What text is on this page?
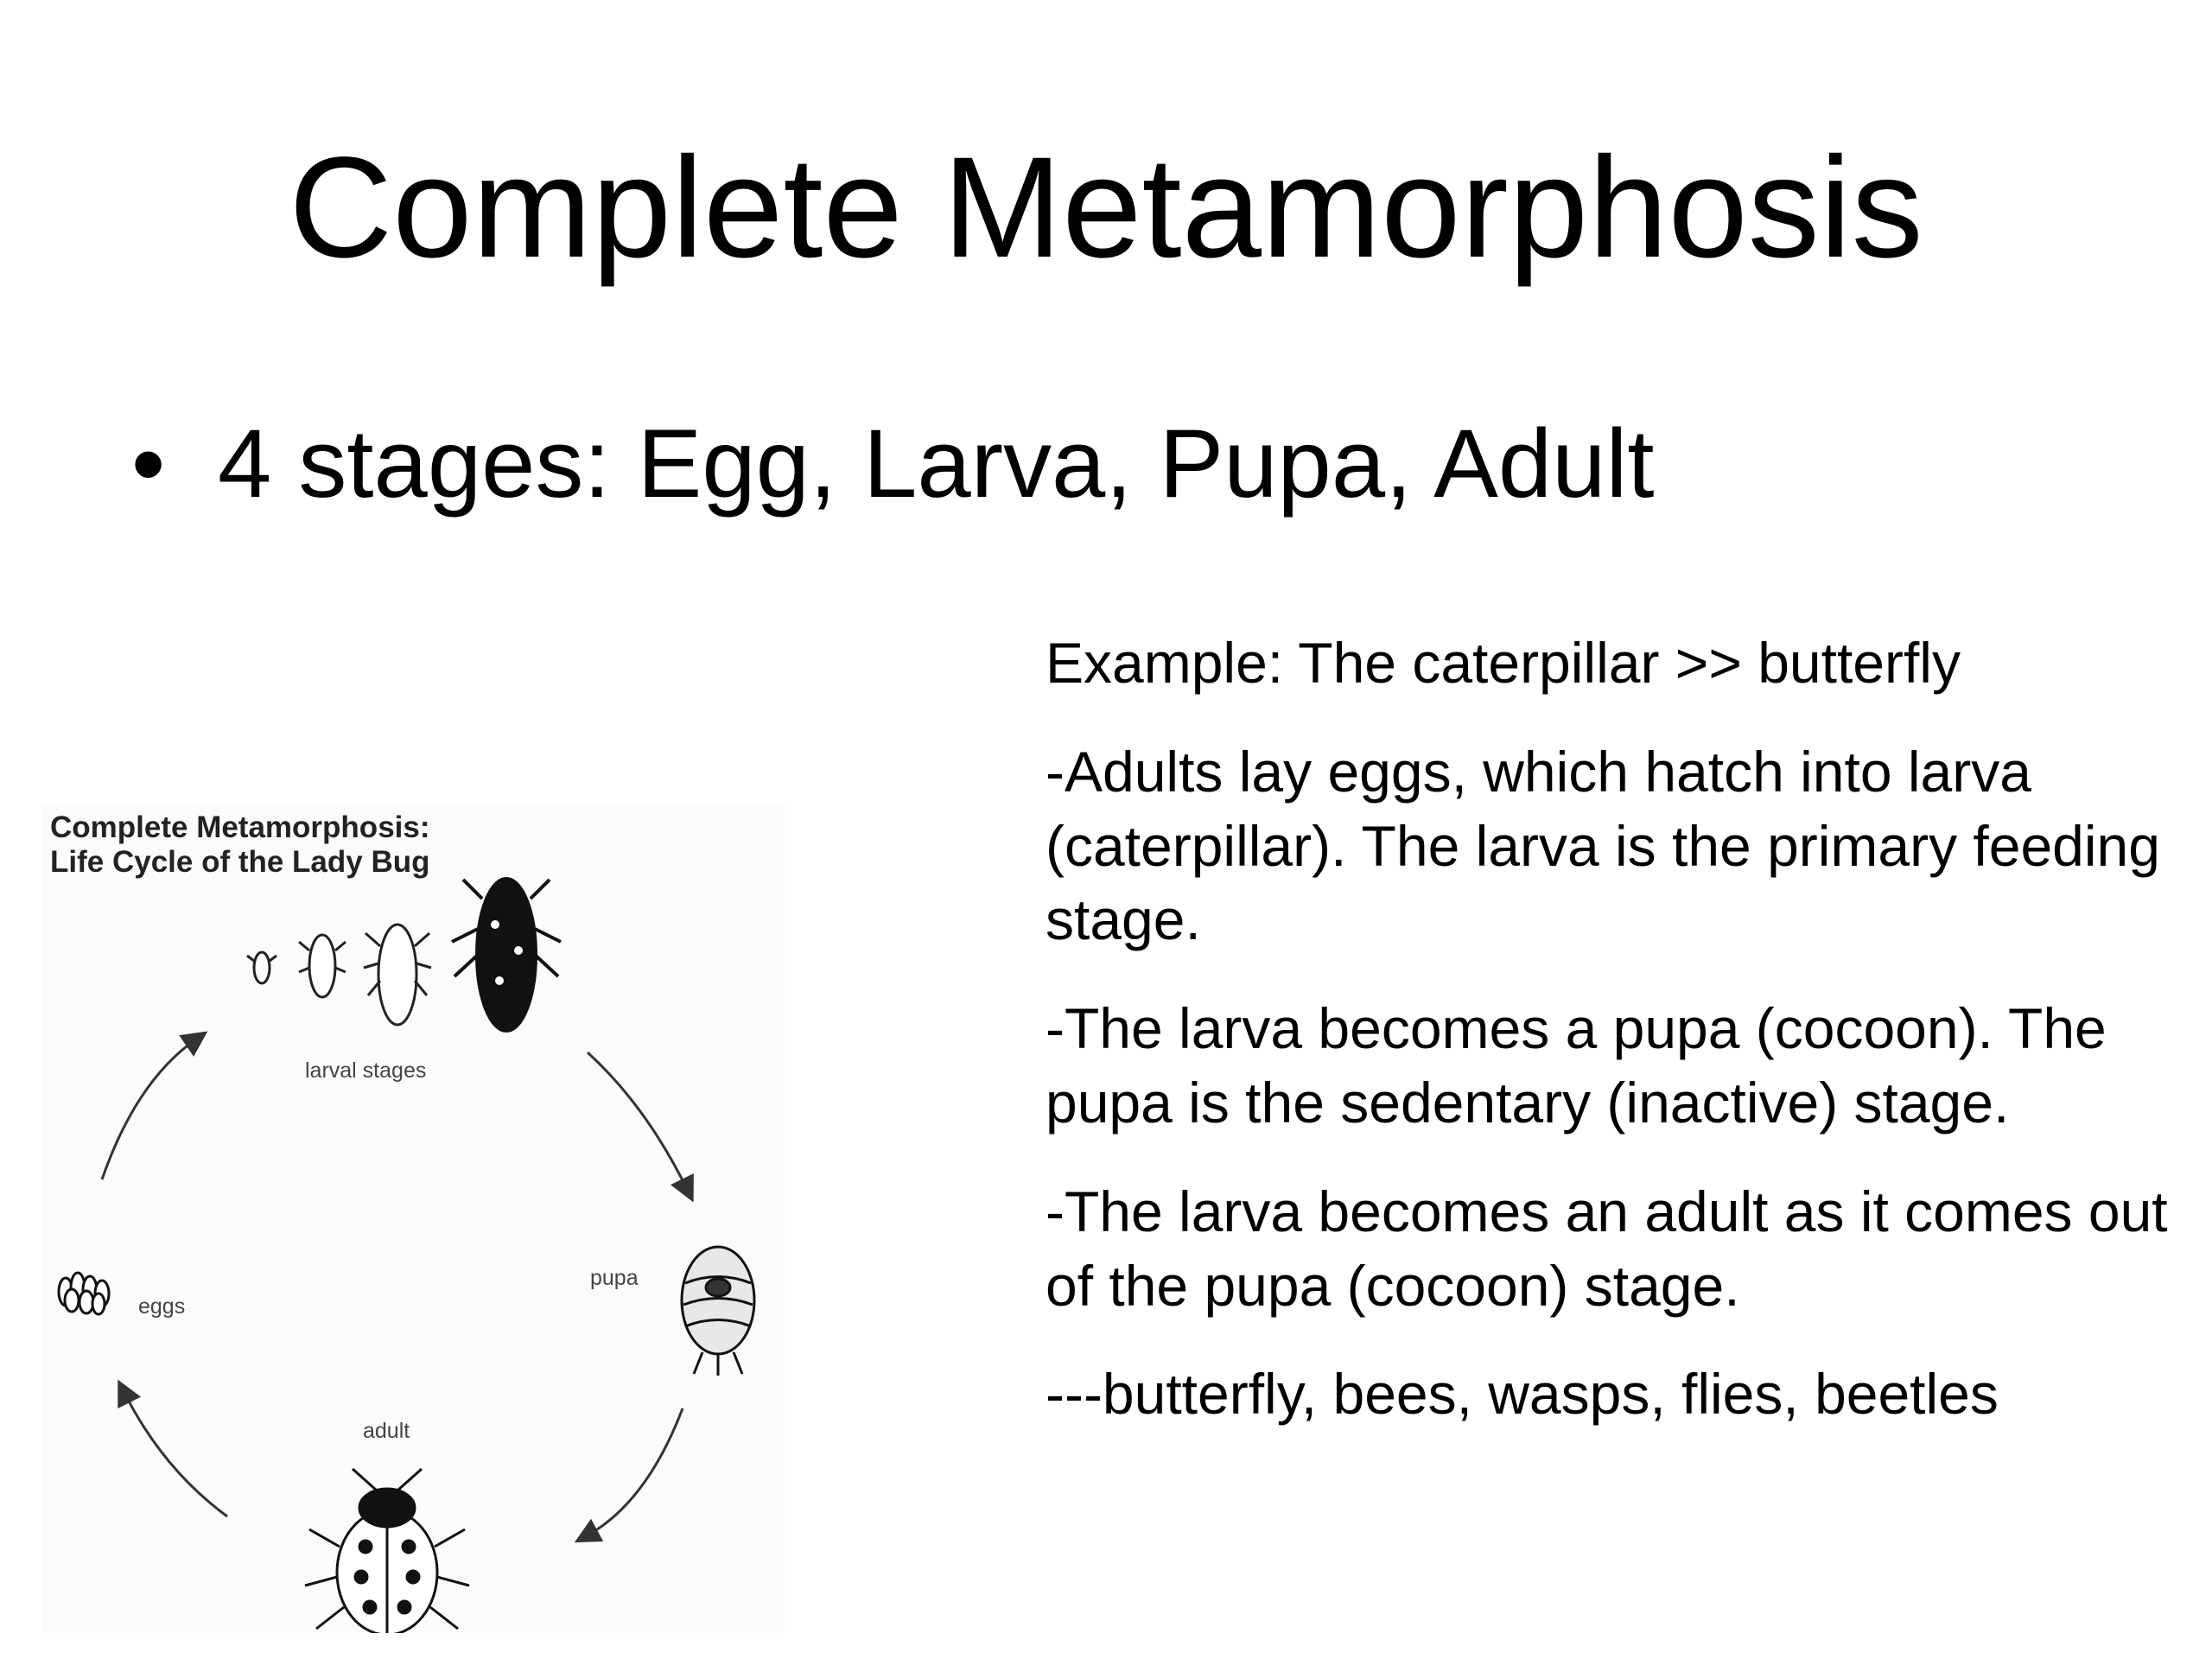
Complete Metamorphosis
• 4 stages: Egg, Larva, Pupa, Adult

Example: The caterpillar >> butterfly

-Adults lay eggs, which hatch into larva (caterpillar). The larva is the primary feeding stage.

-The larva becomes a pupa (cocoon). The pupa is the sedentary (inactive) stage.

-The larva becomes an adult as it comes out of the pupa (cocoon) stage.

---butterfly, bees, wasps, flies, beetles

Complete Metamorphosis:
Life Cycle of the Lady Bug
larval stages
pupa
eggs
adult
